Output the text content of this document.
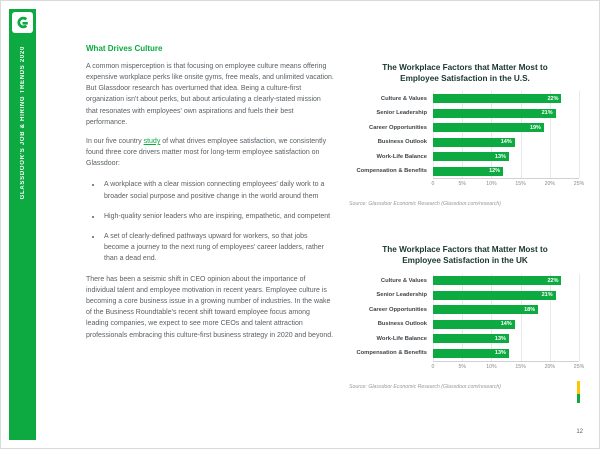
GLASSDOOR'S JOB & HIRING TRENDS 2020	What Drives Culture

A common misperception is that focusing on employee culture means offering expensive workplace perks like onsite gyms, free meals, and unlimited vacation. But Glassdoor research has overturned that idea. Being a culture-first organization isn't about perks, but about articulating a clearly-stated mission that resonates with employees' own aspirations and fuels their best performance.

In our five country study of what drives employee satisfaction, we consistently found three core drivers matter most for long-term employee satisfaction on Glassdoor:

• A workplace with a clear mission connecting employees' daily work to a broader social purpose and positive change in the world around them
• High-quality senior leaders who are inspiring, empathetic, and competent
• A set of clearly-defined pathways upward for workers, so that jobs become a journey to the next rung of employees' career ladders, rather than a dead end.

There has been a seismic shift in CEO opinion about the importance of individual talent and employee motivation in recent years. Employee culture is becoming a core business issue in a growing number of industries. In the wake of the Business Roundtable's recent shift toward employee focus among leading companies, we expect to see more CEOs and talent attraction professionals embracing this culture-first business strategy in 2020 and beyond.

The Workplace Factors that Matter Most to Employee Satisfaction in the U.S.
Culture & Values	22%
Senior Leadership	21%
Career Opportunities	19%
Business Outlook	14%
Work-Life Balance	13%
Compensation & Benefits	12%
0	5%	10%	15%	20%	25%

Source: Glassdoor Economic Research (Glassdoor.com/research)

The Workplace Factors that Matter Most to Employee Satisfaction in the UK
Culture & Values	22%
Senior Leadership	21%
Career Opportunities	18%
Business Outlook	14%
Work-Life Balance	13%
Compensation & Benefits	13%
0	5%	10%	15%	20%	25%

Source: Glassdoor Economic Research (Glassdoor.com/research)

12
